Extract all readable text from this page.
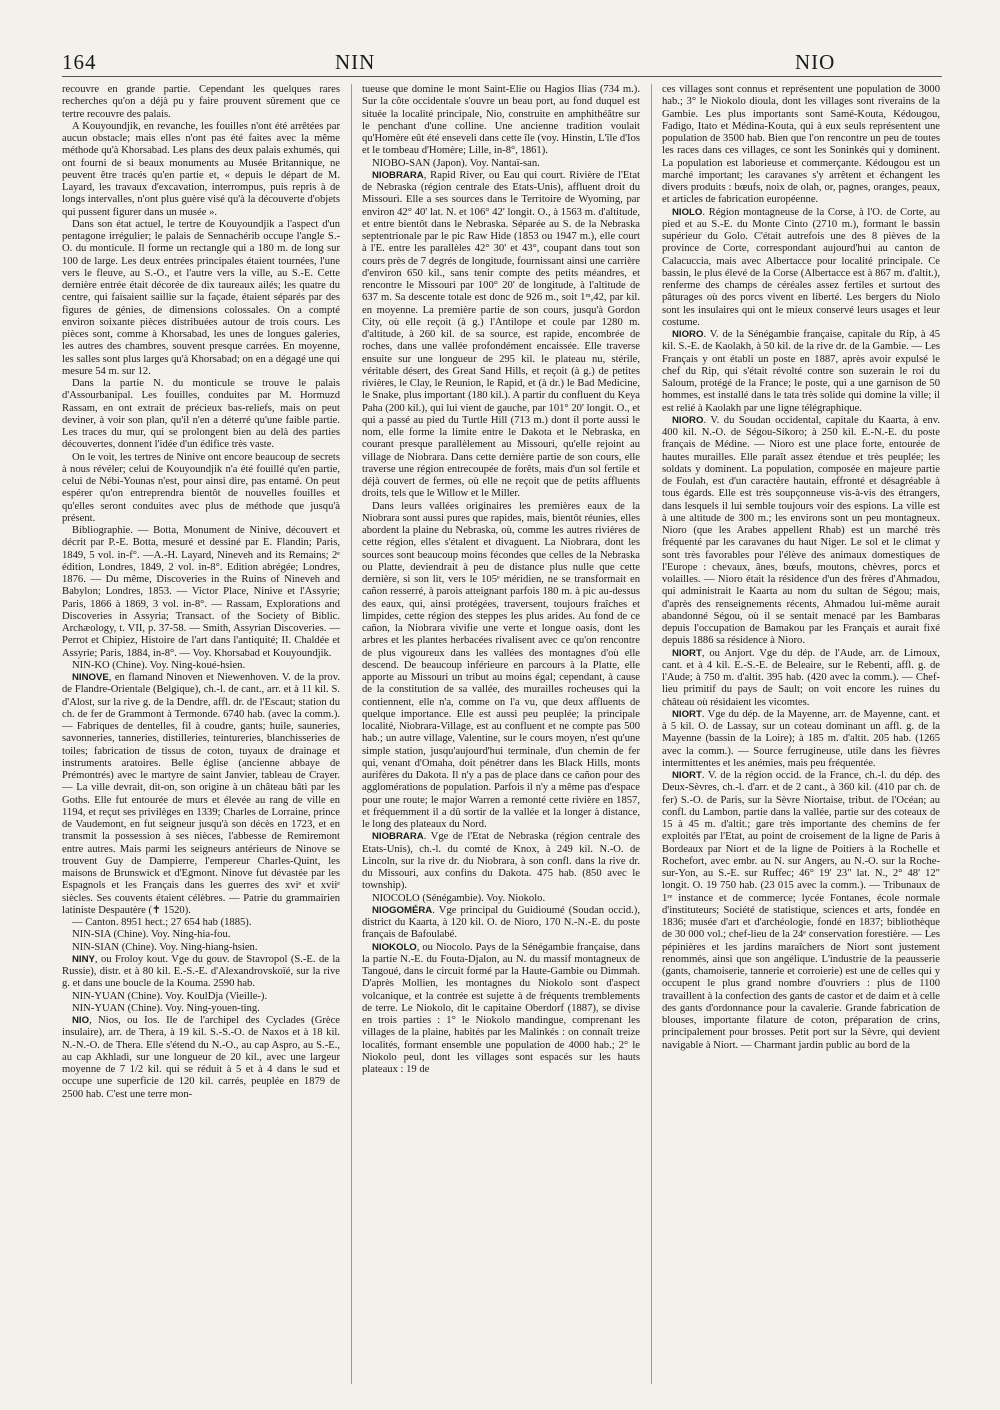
164	NIN	NIO

recouvre en grande partie. Cependant les quelques rares recherches qu'on a déjà pu y faire prouvent sûrement que ce tertre recouvre des palais.

A Kouyoundjik, en revanche, les fouilles n'ont été arrêtées par aucun obstacle; mais elles n'ont pas été faites avec la même méthode qu'à Khorsabad. Les plans des deux palais exhumés, qui ont fourni de si beaux monuments au Musée Britannique, ne peuvent être tracés qu'en partie et, « depuis le départ de M. Layard, les travaux d'excavation, interrompus, puis repris à de longs intervalles, n'ont plus guère visé qu'à la découverte d'objets qui pussent figurer dans un musée ».

Dans son état actuel, le tertre de Kouyoundjik a l'aspect d'un pentagone irrégulier; le palais de Sennachérib occupe l'angle S.-O. du monticule. Il forme un rectangle qui a 180 m. de long sur 100 de large. Les deux entrées principales étaient tournées, l'une vers le fleuve, au S.-O., et l'autre vers la ville, au S.-E. Cette dernière entrée était décorée de dix taureaux ailés; les quatre du centre, qui faisaient saillie sur la façade, étaient séparés par des figures de génies, de dimensions colossales. On a compté environ soixante pièces distribuées autour de trois cours. Les pièces sont, comme à Khorsabad, les unes de longues galeries, les autres des chambres, souvent presque carrées. En moyenne, les salles sont plus larges qu'à Khorsabad; on en a dégagé une qui mesure 54 m. sur 12.

Dans la partie N. du monticule se trouve le palais d'Assourbanipal. Les fouilles, conduites par M. Hormuzd Rassam, en ont extrait de précieux bas-reliefs, mais on peut deviner, à voir son plan, qu'il n'en a déterré qu'une faible partie. Les traces du mur, qui se prolongent bien au delà des parties découvertes, donnent l'idée d'un édifice très vaste.

On le voit, les tertres de Ninive ont encore beaucoup de secrets à nous révéler; celui de Kouyoundjik n'a été fouillé qu'en partie, celui de Nébi-Younas n'est, pour ainsi dire, pas entamé. On peut espérer qu'on entreprendra bientôt de nouvelles fouilles et qu'elles seront conduites avec plus de méthode que jusqu'à présent.

Bibliographie. — Botta, Monument de Ninive, découvert et décrit par P.-E. Botta, mesuré et dessiné par E. Flandin; Paris, 1849, 5 vol. in-f°. —A.-H. Layard, Nineveh and its Remains; 2ᵉ édition, Londres, 1849, 2 vol. in-8°. Edition abrégée; Londres, 1876. — Du même, Discoveries in the Ruins of Nineveh and Babylon; Londres, 1853. — Victor Place, Ninive et l'Assyrie; Paris, 1866 à 1869, 3 vol. in-8°. — Rassam, Explorations and Discoveries in Assyria; Transact. of the Society of Biblic. Archæology, t. VII, p. 37-58. — Smith, Assyrian Discoveries. — Perrot et Chipiez, Histoire de l'art dans l'antiquité; II. Chaldée et Assyrie; Paris, 1884, in-8°. — Voy. Khorsabad et Kouyoundjik.

NIN-KO (Chine). Voy. Ning-koué-hsien.

NINOVE, en flamand Ninoven et Niewenhoven. V. de la prov. de Flandre-Orientale (Belgique), ch.-l. de cant., arr. et à 11 kil. S. d'Alost, sur la rive g. de la Dendre, affl. dr. de l'Escaut; station du ch. de fer de Grammont à Termonde. 6740 hab. (avec la comm.). — Fabriques de dentelles, fil à coudre, gants; huile, sauneries, savonneries, tanneries, distilleries, teintureries, blanchisseries de toiles; fabrication de tissus de coton, tuyaux de drainage et instruments aratoires. Belle église (ancienne abbaye de Prémontrés) avec le martyre de saint Janvier, tableau de Crayer. — La ville devrait, dit-on, son origine à un château bâti par les Goths. Elle fut entourée de murs et élevée au rang de ville en 1194, et reçut ses privilèges en 1339; Charles de Lorraine, prince de Vaudemont, en fut seigneur jusqu'à son décès en 1723, et en transmit la possession à ses nièces, l'abbesse de Remiremont entre autres. Mais parmi les seigneurs antérieurs de Ninove se trouvent Guy de Dampierre, l'empereur Charles-Quint, les maisons de Brunswick et d'Egmont. Ninove fut dévastée par les Espagnols et les Français dans les guerres des xviᵉ et xviiᵉ siècles. Ses couvents étaient célèbres. — Patrie du grammairien latiniste Despautère (✝ 1520).

— Canton. 8951 hect.; 27 654 hab (1885).

NIN-SIA (Chine). Voy. Ning-hia-fou.

NIN-SIAN (Chine). Voy. Ning-hiang-hsien.

NINY, ou Froloy kout. Vge du gouv. de Stavropol (S.-E. de la Russie), distr. et à 80 kil. E.-S.-E. d'Alexandrovskoïé, sur la rive g. et dans une boucle de la Kouma. 2590 hab.

NIN-YUAN (Chine). Voy. KoulDja (Vieille-).

NIN-YUAN (Chine). Voy. Ning-youen-ting.

NIO, Nios, ou Ios. Ile de l'archipel des Cyclades (Grèce insulaire), arr. de Thera, à 19 kil. S.-S.-O. de Naxos et à 18 kil. N.-N.-O. de Thera. Elle s'étend du N.-O., au cap Aspro, au S.-E., au cap Akhladi, sur une longueur de 20 kil., avec une largeur moyenne de 7 1/2 kil. qui se réduit à 5 et à 4 dans le sud et occupe une superficie de 120 kil. carrés, peuplée en 1879 de 2500 hab. C'est une terre mon-

tueuse que domine le mont Saint-Elie ou Hagios Ilias (734 m.). Sur la côte occidentale s'ouvre un beau port, au fond duquel est située la localité principale, Nio, construite en amphithéâtre sur le penchant d'une colline. Une ancienne tradition voulait qu'Homère eût été enseveli dans cette île (voy. Hinstin, L'île d'Ios et le tombeau d'Homère; Lille, in-8°, 1861).

NIOBO-SAN (Japon). Voy. Nantaï-san.

NIOBRARA, Rapid River, ou Eau qui court. Rivière de l'Etat de Nebraska (région centrale des Etats-Unis), affluent droit du Missouri. Elle a ses sources dans le Territoire de Wyoming, par environ 42° 40' lat. N. et 106° 42' longit. O., à 1563 m. d'altitude, et entre bientôt dans le Nebraska. Séparée au S. de la Nebraska septentrionale par le pic Raw Hide (1853 ou 1947 m.), elle court à l'E. entre les parallèles 42° 30' et 43°, coupant dans tout son cours près de 7 degrés de longitude, fournissant ainsi une carrière d'environ 650 kil., sans tenir compte des petits méandres, et rencontre le Missouri par 100° 20' de longitude, à l'altitude de 637 m. Sa descente totale est donc de 926 m., soit 1ᵐ,42, par kil. en moyenne. La première partie de son cours, jusqu'à Gordon City, où elle reçoit (à g.) l'Antilope et coule par 1280 m. d'altitude, à 260 kil. de sa source, est rapide, encombrée de roches, dans une vallée profondément encaissée. Elle traverse ensuite sur une longueur de 295 kil. le plateau nu, stérile, véritable désert, des Great Sand Hills, et reçoit (à g.) de petites rivières, le Clay, le Reunion, le Rapid, et (à dr.) le Bad Medicine, le Snake, plus important (180 kil.). A partir du confluent du Keya Paha (200 kil.), qui lui vient de gauche, par 101° 20' longit. O., et qui a passé au pied du Turtle Hill (713 m.) dont il porte aussi le nom, elle forme la limite entre le Dakota et le Nebraska, en courant presque parallèlement au Missouri, qu'elle rejoint au village de Niobrara. Dans cette dernière partie de son cours, elle traverse une région entrecoupée de forêts, mais d'un sol fertile et déjà couvert de fermes, où elle ne reçoit que de petits affluents droits, tels que le Willow et le Miller.

Dans leurs vallées originaires les premières eaux de la Niobrara sont aussi pures que rapides, mais, bientôt réunies, elles abordent la plaine du Nebraska, où, comme les autres rivières de cette région, elles s'étalent et divaguent. La Niobrara, dont les sources sont beaucoup moins fécondes que celles de la Nebraska ou Platte, deviendrait à peu de distance plus nulle que cette dernière, si son lit, vers le 105ᵉ méridien, ne se transformait en cañon resserré, à parois atteignant parfois 180 m. à pic au-dessus des eaux, qui, ainsi protégées, traversent, toujours fraîches et limpides, cette région des steppes les plus arides. Au fond de ce cañon, la Niobrara vivifie une verte et longue oasis, dont les arbres et les plantes herbacées rivalisent avec ce qu'on rencontre de plus vigoureux dans les vallées des montagnes d'où elle descend. De beaucoup inférieure en parcours à la Platte, elle apporte au Missouri un tribut au moins égal; cependant, à cause de la constitution de sa vallée, des murailles rocheuses qui la contiennent, elle n'a, comme on l'a vu, que deux affluents de quelque importance. Elle est aussi peu peuplée; la principale localité, Niobrara-Village, est au confluent et ne compte pas 500 hab.; un autre village, Valentine, sur le cours moyen, n'est qu'une simple station, jusqu'aujourd'hui terminale, d'un chemin de fer qui, venant d'Omaha, doit pénétrer dans les Black Hills, monts aurifères du Dakota. Il n'y a pas de place dans ce cañon pour des agglomérations de population. Parfois il n'y a même pas d'espace pour une route; le major Warren a remonté cette rivière en 1857, et fréquemment il a dû sortir de la vallée et la longer à distance, le long des plateaux du Nord.

NIOBRARA. Vge de l'Etat de Nebraska (région centrale des Etats-Unis), ch.-l. du comté de Knox, à 249 kil. N.-O. de Lincoln, sur la rive dr. du Niobrara, à son confl. dans la rive dr. du Missouri, aux confins du Dakota. 475 hab. (850 avec le township).

NIOCOLO (Sénégambie). Voy. Niokolo.

NIOGOMÉRA. Vge principal du Guidioumé (Soudan occid.), district du Kaarta, à 120 kil. O. de Nioro, 170 N.-N.-E. du poste français de Bafoulabé.

NIOKOLO, ou Niocolo. Pays de la Sénégambie française, dans la partie N.-E. du Fouta-Djalon, au N. du massif montagneux de Tangoué, dans le circuit formé par la Haute-Gambie ou Dimmah. D'après Mollien, les montagnes du Niokolo sont d'aspect volcanique, et la contrée est sujette à de fréquents tremblements de terre. Le Niokolo, dit le capitaine Oberdorf (1887), se divise en trois parties : 1° le Niokolo mandingue, comprenant les villages de la plaine, habités par les Malinkés : on connaît treize localités, formant ensemble une population de 4000 hab.; 2° le Niokolo peul, dont les villages sont espacés sur les hauts plateaux : 19 de

ces villages sont connus et représentent une population de 3000 hab.; 3° le Niokolo dioula, dont les villages sont riverains de la Gambie. Les plus importants sont Samé-Kouta, Kédougou, Fadigo, Itato et Médina-Kouta, qui à eux seuls représentent une population de 3500 hab. Bien que l'on rencontre un peu de toutes les races dans ces villages, ce sont les Soninkés qui y dominent. La population est laborieuse et commerçante. Kédougou est un marché important; les caravanes s'y arrêtent et échangent les divers produits : bœufs, noix de olah, or, pagnes, oranges, peaux, et articles de fabrication européenne.

NIOLO. Région montagneuse de la Corse, à l'O. de Corte, au pied et au S.-E. du Monte Cinto (2710 m.), formant le bassin supérieur du Golo. C'était autrefois une des 8 pièves de la province de Corte, correspondant aujourd'hui au canton de Calacuccia, mais avec Albertacce pour localité principale. Ce bassin, le plus élevé de la Corse (Albertacce est à 867 m. d'altit.), renferme des champs de céréales assez fertiles et surtout des pâturages où des porcs vivent en liberté. Les bergers du Niolo sont les insulaires qui ont le mieux conservé leurs usages et leur costume.

NIORO. V. de la Sénégambie française, capitale du Rip, à 45 kil. S.-E. de Kaolakh, à 50 kil. de la rive dr. de la Gambie. — Les Français y ont établi un poste en 1887, après avoir expulsé le chef du Rip, qui s'était révolté contre son suzerain le roi du Saloum, protégé de la France; le poste, qui a une garnison de 50 hommes, est installé dans le tata très solide qui domine la ville; il est relié à Kaolakh par une ligne télégraphique.

NIORO. V. du Soudan occidental, capitale du Kaarta, à env. 400 kil. N.-O. de Ségou-Sikoro; à 250 kil. E.-N.-E. du poste français de Médine. — Nioro est une place forte, entourée de hautes murailles. Elle paraît assez étendue et très peuplée; les soldats y dominent. La population, composée en majeure partie de Foulah, est d'un caractère hautain, effronté et désagréable à tous égards. Elle est très soupçonneuse vis-à-vis des étrangers, dans lesquels il lui semble toujours voir des espions. La ville est à une altitude de 300 m.; les environs sont un peu montagneux. Nioro (que les Arabes appellent Rhab) est un marché très fréquenté par les caravanes du haut Niger. Le sol et le climat y sont très favorables pour l'élève des animaux domestiques de l'Europe : chevaux, ânes, bœufs, moutons, chèvres, porcs et volailles. — Nioro était la résidence d'un des frères d'Ahmadou, qui administrait le Kaarta au nom du sultan de Ségou; mais, d'après des renseignements récents, Ahmadou lui-même aurait abandonné Ségou, où il se sentait menacé par les Bambaras depuis l'occupation de Bamakou par les Français et aurait fixé depuis 1886 sa résidence à Nioro.

NIORT, ou Anjort. Vge du dép. de l'Aude, arr. de Limoux, cant. et à 4 kil. E.-S.-E. de Beleaire, sur le Rebenti, affl. g. de l'Aude; à 750 m. d'altit. 395 hab. (420 avec la comm.). — Chef-lieu primitif du pays de Sault; on voit encore les ruines du château où résidaient les vicomtes.

NIORT. Vge du dép. de la Mayenne, arr. de Mayenne, cant. et à 5 kil. O. de Lassay, sur un coteau dominant un affl. g. de la Mayenne (bassin de la Loire); à 185 m. d'altit. 205 hab. (1265 avec la comm.). — Source ferrugineuse, utile dans les fièvres intermittentes et les anémies, mais peu fréquentée.

NIORT. V. de la région occid. de la France, ch.-l. du dép. des Deux-Sèvres, ch.-l. d'arr. et de 2 cant., à 360 kil. (410 par ch. de fer) S.-O. de Paris, sur la Sèvre Niortaise, tribut. de l'Océan; au confl. du Lambon, partie dans la vallée, partie sur des coteaux de 15 à 45 m. d'altit.; gare très importante des chemins de fer exploités par l'Etat, au point de croisement de la ligne de Paris à Bordeaux par Niort et de la ligne de Poitiers à la Rochelle et Rochefort, avec embr. au N. sur Angers, au N.-O. sur la Roche-sur-Yon, au S.-E. sur Ruffec; 46° 19' 23" lat. N., 2° 48' 12" longit. O. 19 750 hab. (23 015 avec la comm.). — Tribunaux de 1ʳᵉ instance et de commerce; lycée Fontanes, école normale d'instituteurs; Société de statistique, sciences et arts, fondée en 1836; musée d'art et d'archéologie, fondé en 1837; bibliothèque de 30 000 vol.; chef-lieu de la 24ᵉ conservation forestière. — Les pépinières et les jardins maraîchers de Niort sont justement renommés, ainsi que son angélique. L'industrie de la peausserie (gants, chamoiserie, tannerie et corroierie) est une de celles qui y occupent le plus grand nombre d'ouvriers : plus de 1100 travaillent à la confection des gants de castor et de daim et à celle des gants d'ordonnance pour la cavalerie. Grande fabrication de blouses, importante filature de coton, préparation de crins, principalement pour brosses. Petit port sur la Sèvre, qui devient navigable à Niort. — Charmant jardin public au bord de la
